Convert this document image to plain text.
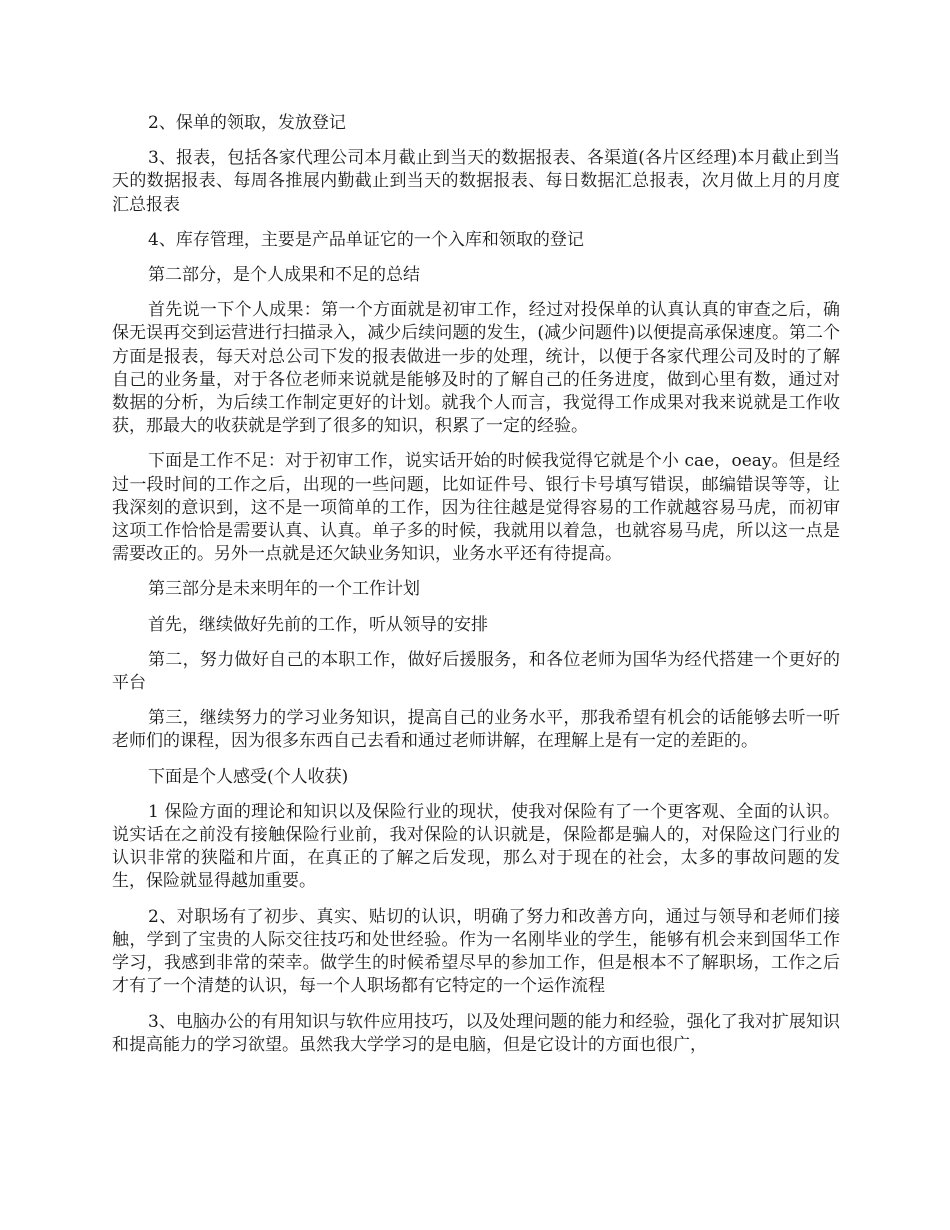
2、保单的领取，发放登记

3、报表，包括各家代理公司本月截止到当天的数据报表、各渠道(各片区经理)本月截止到当天的数据报表、每周各推展内勤截止到当天的数据报表、每日数据汇总报表，次月做上月的月度汇总报表

4、库存管理，主要是产品单证它的一个入库和领取的登记

第二部分，是个人成果和不足的总结

首先说一下个人成果：第一个方面就是初审工作，经过对投保单的认真认真的审查之后，确保无误再交到运营进行扫描录入，减少后续问题的发生，(减少问题件)以便提高承保速度。第二个方面是报表，每天对总公司下发的报表做进一步的处理，统计，以便于各家代理公司及时的了解自己的业务量，对于各位老师来说就是能够及时的了解自己的任务进度，做到心里有数，通过对数据的分析，为后续工作制定更好的计划。就我个人而言，我觉得工作成果对我来说就是工作收获，那最大的收获就是学到了很多的知识，积累了一定的经验。

下面是工作不足：对于初审工作，说实话开始的时候我觉得它就是个小 cae，oeay。但是经过一段时间的工作之后，出现的一些问题，比如证件号、银行卡号填写错误，邮编错误等等，让我深刻的意识到，这不是一项简单的工作，因为往往越是觉得容易的工作就越容易马虎，而初审这项工作恰恰是需要认真、认真。单子多的时候，我就用以着急，也就容易马虎，所以这一点是需要改正的。另外一点就是还欠缺业务知识，业务水平还有待提高。

第三部分是未来明年的一个工作计划

首先，继续做好先前的工作，听从领导的安排

第二，努力做好自己的本职工作，做好后援服务，和各位老师为国华为经代搭建一个更好的平台

第三，继续努力的学习业务知识，提高自己的业务水平，那我希望有机会的话能够去听一听老师们的课程，因为很多东西自己去看和通过老师讲解，在理解上是有一定的差距的。

下面是个人感受(个人收获)

1 保险方面的理论和知识以及保险行业的现状，使我对保险有了一个更客观、全面的认识。说实话在之前没有接触保险行业前，我对保险的认识就是，保险都是骗人的，对保险这门行业的认识非常的狭隘和片面，在真正的了解之后发现，那么对于现在的社会，太多的事故问题的发生，保险就显得越加重要。

2、对职场有了初步、真实、贴切的认识，明确了努力和改善方向，通过与领导和老师们接触，学到了宝贵的人际交往技巧和处世经验。作为一名刚毕业的学生，能够有机会来到国华工作学习，我感到非常的荣幸。做学生的时候希望尽早的参加工作，但是根本不了解职场，工作之后才有了一个清楚的认识，每一个人职场都有它特定的一个运作流程

3、电脑办公的有用知识与软件应用技巧，以及处理问题的能力和经验，强化了我对扩展知识和提高能力的学习欲望。虽然我大学学习的是电脑，但是它设计的方面也很广，
